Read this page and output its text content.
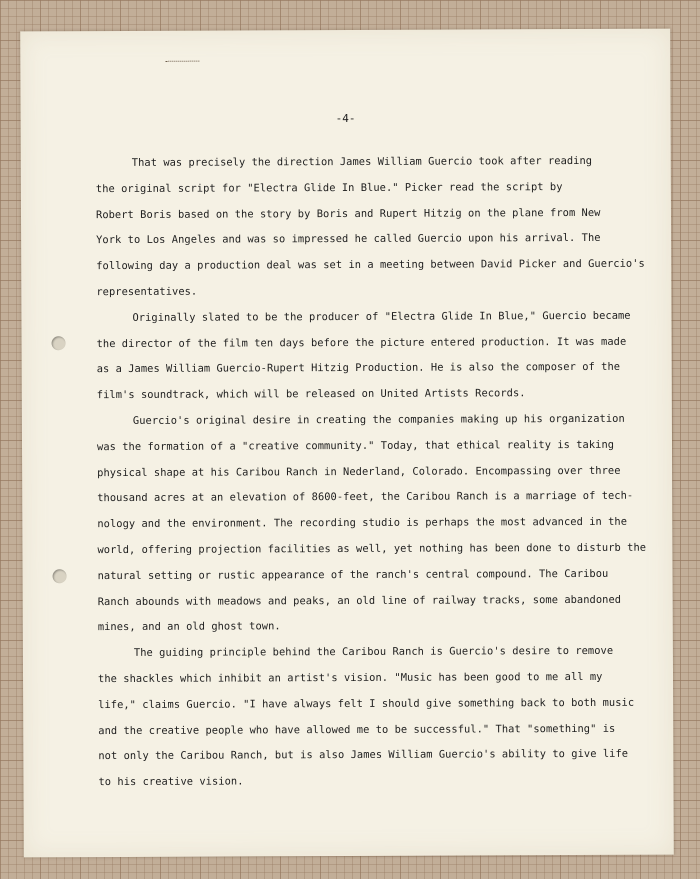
-4-
That was precisely the direction James William Guercio took after reading
the original script for "Electra Glide In Blue." Picker read the script by
Robert Boris based on the story by Boris and Rupert Hitzig on the plane from New
York to Los Angeles and was so impressed he called Guercio upon his arrival. The
following day a production deal was set in a meeting between David Picker and Guercio's
representatives.
Originally slated to be the producer of "Electra Glide In Blue," Guercio became
the director of the film ten days before the picture entered production. It was made
as a James William Guercio-Rupert Hitzig Production. He is also the composer of the
film's soundtrack, which will be released on United Artists Records.
Guercio's original desire in creating the companies making up his organization
was the formation of a "creative community." Today, that ethical reality is taking
physical shape at his Caribou Ranch in Nederland, Colorado. Encompassing over three
thousand acres at an elevation of 8600-feet, the Caribou Ranch is a marriage of tech-
nology and the environment. The recording studio is perhaps the most advanced in the
world, offering projection facilities as well, yet nothing has been done to disturb the
natural setting or rustic appearance of the ranch's central compound. The Caribou
Ranch abounds with meadows and peaks, an old line of railway tracks, some abandoned
mines, and an old ghost town.
The guiding principle behind the Caribou Ranch is Guercio's desire to remove
the shackles which inhibit an artist's vision. "Music has been good to me all my
life," claims Guercio. "I have always felt I should give something back to both music
and the creative people who have allowed me to be successful." That "something" is
not only the Caribou Ranch, but is also James William Guercio's ability to give life
to his creative vision.
